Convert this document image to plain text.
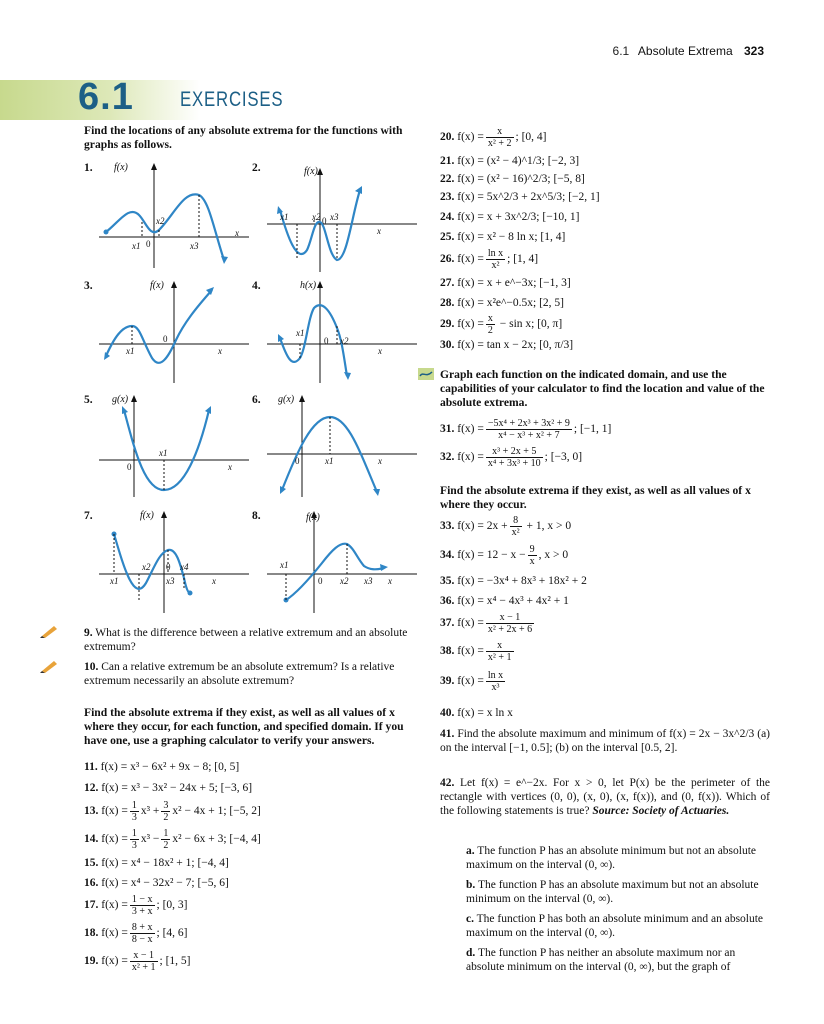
6.1 Absolute Extrema 323
6.1 EXERCISES
Find the locations of any absolute extrema for the functions with graphs as follows.
1. f(x)
x1
x2
x3
0
x
2.	f(x)
x1	x2 x3
0
x
3.	f(x)
x1
0
x
4.	h(x)
x1
x2
0
x
5. g(x)
x1
0	x
6. g(x)
x1
0	x
7.	f(x)
x1
x2
x3
x4
0
x
8.	f(x)
x1
x2 x3
0	x
9. What is the difference between a relative extremum and an absolute extremum?
10. Can a relative extremum be an absolute extremum? Is a relative extremum necessarily an absolute extremum?
Find the absolute extrema if they exist, as well as all values of x where they occur, for each function, and specified domain. If you have one, use a graphing calculator to verify your answers.
11. f(x) = x³ − 6x² + 9x − 8; [0, 5]
12. f(x) = x³ − 3x² − 24x + 5; [−3, 6]
13. $f(x) = \frac{1}{3} x^3 + \frac{3}{2} x^2 - 4x + 1$; [−5, 2]
14. $f(x) = \frac{1}{3} x^3 - \frac{1}{2} x^2 - 6x + 3$; [−4, 4]
15. f(x) = x⁴ − 18x² + 1; [−4, 4]
16. f(x) = x⁴ − 32x² − 7; [−5, 6]
17. $f(x) = \frac{1 - x}{3 + x}$ ; [0, 3]
18. $f(x) = \frac{8 + x}{8 - x}$ ; [4, 6]
19. $f(x) = \frac{x - 1}{\text{x² + 1}}$ ; [1, 5]
20. $f(x) = \frac{x}{\text{x² + 2}}$ ; [0, 4]
21. f(x) = (x² − 4)^1/3; [−2, 3]
22. f(x) = (x² − 16)^2/3; [−5, 8]
23. f(x) = 5x^2/3 + 2x^5/3; [−2, 1]
24. f(x) = x + 3x^2/3; [−10, 1]
25. f(x) = x² − 8 ln x; [1, 4]
26. $f(x) = \frac{\text{ln x}}{\text{x²}}$ ; [1, 4]
27. f(x) = x + e^−3x; [−1, 3]
28. f(x) = x²e^−0.5x; [2, 5]
29. $f(x) = \frac{x}{2} - \sin x$; [0, π]
30. f(x) = tan x − 2x; [0, π/3]
Graph each function on the indicated domain, and use the capabilities of your calculator to find the location and value of the absolute extrema.
31. $f(x) = \frac{\text{−5x⁴ + 2x³ + 3x² + 9}}{\text{x⁴ − x³ + x² + 7}}$ ; [−1, 1]
32. $f(x) = \frac{\text{x³ + 2x + 5}}{\text{x⁴ + 3x³ + 10}}$ ; [−3, 0]
Find the absolute extrema if they exist, as well as all values of x where they occur.
33. $f(x) = 2x + \frac{8}{\text{x²}} + 1$, x > 0
34. $f(x) = 12 - x - \frac{9}{x}$ , x > 0
35. f(x) = −3x⁴ + 8x³ + 18x² + 2
36. f(x) = x⁴ − 4x³ + 4x² + 1
37. $f(x) = \frac{x - 1}{\text{x² + 2x + 6}}$
38. $f(x) = \frac{x}{\text{x² + 1}}$
39. $f(x) = \frac{\text{ln x}}{\text{x³}}$
40. f(x) = x ln x
41. Find the absolute maximum and minimum of f(x) = 2x − 3x^2/3 (a) on the interval [−1, 0.5]; (b) on the interval [0.5, 2].
42. Let f(x) = e^−2x. For x > 0, let P(x) be the perimeter of the rectangle with vertices (0, 0), (x, 0), (x, f(x)), and (0, f(x)). Which of the following statements is true? Source: Society of Actuaries.
a. The function P has an absolute minimum but not an absolute maximum on the interval (0, ∞).
b. The function P has an absolute maximum but not an absolute minimum on the interval (0, ∞).
c. The function P has both an absolute minimum and an absolute maximum on the interval (0, ∞).
d. The function P has neither an absolute maximum nor an absolute minimum on the interval (0, ∞), but the graph of
